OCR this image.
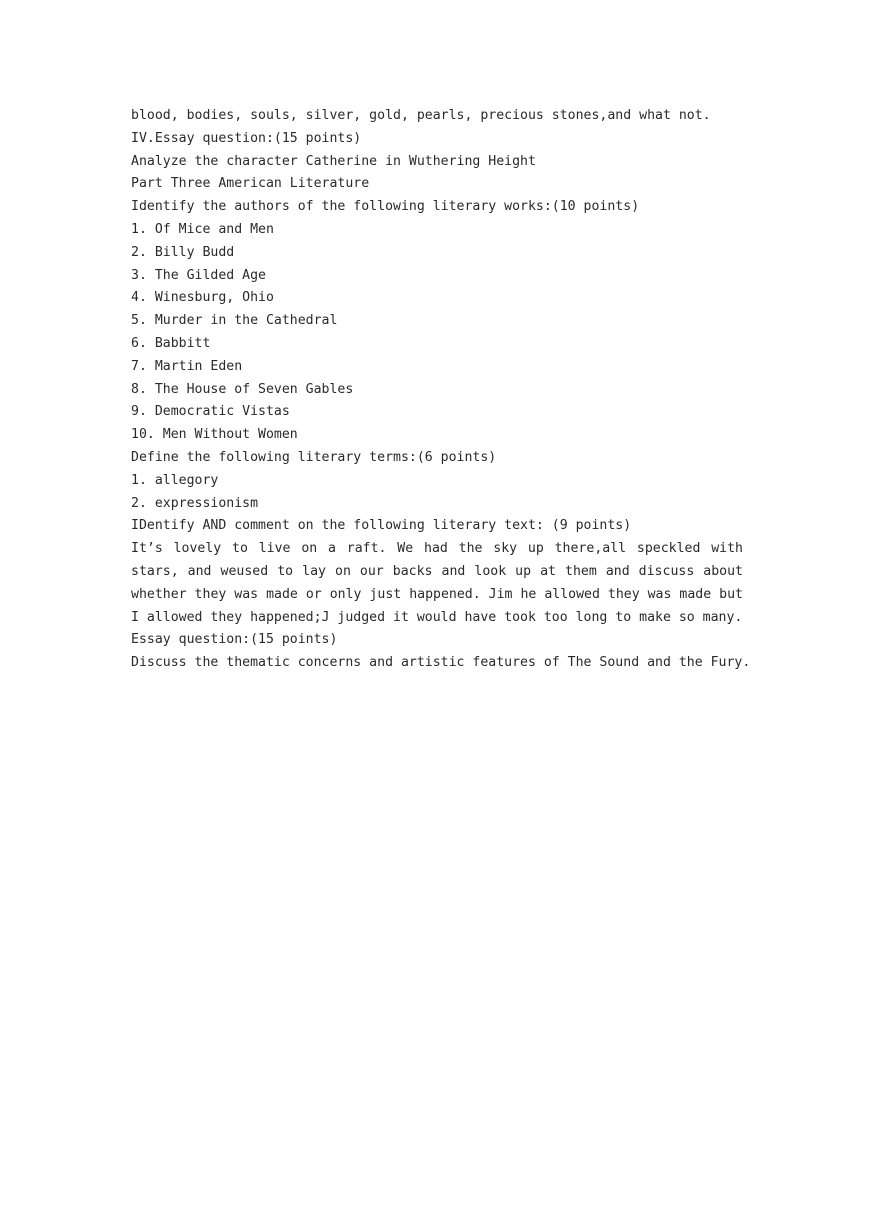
blood, bodies, souls, silver, gold, pearls, precious stones,and what not.

IV.Essay question:(15 points)

Analyze the character Catherine in Wuthering Height

Part Three American Literature

Identify the authors of the following literary works:(10 points)

1. Of Mice and Men

2. Billy Budd

3. The Gilded Age

4. Winesburg, Ohio

5. Murder in the Cathedral

6. Babbitt

7. Martin Eden

8. The House of Seven Gables

9. Democratic Vistas

10. Men Without Women

Define the following literary terms:(6 points)

1. allegory

2. expressionism

IDentify AND comment on the following literary text: (9 points)

It’s lovely to live on a raft. We had the sky up there,all speckled with stars, and weused to lay on our backs and look up at them and discuss about whether they was made or only just happened. Jim he allowed they was made but I allowed they happened;J judged it would have took too long to make so many.

Essay question:(15 points)

Discuss the thematic concerns and artistic features of The Sound and the Fury.
